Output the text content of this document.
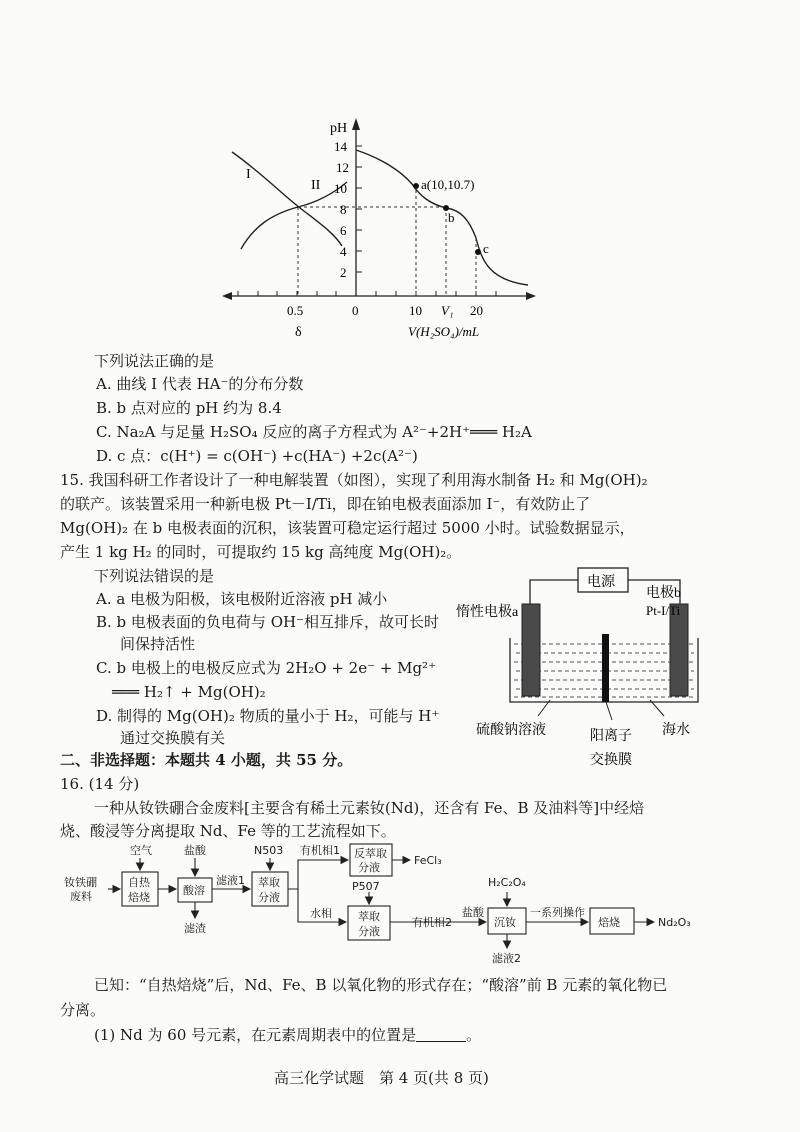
pH
14
12
10
8
6
4
2
I
II	a(10,10.7)
b
c
0.5	0	10 V₁ 20
δ	V(H₂SO₄)/mL
下列说法正确的是
A. 曲线 I 代表 HA⁻的分布分数
B. b 点对应的 pH 约为 8.4
C. Na₂A 与足量 H₂SO₄ 反应的离子方程式为 A²⁻+2H⁺═══ H₂A
D. c 点：c(H⁺) = c(OH⁻) +c(HA⁻) +2c(A²⁻)
15. 我国科研工作者设计了一种电解装置（如图），实现了利用海水制备 H₂ 和 Mg(OH)₂
的联产。该装置采用一种新电极 Pt－I/Ti，即在铂电极表面添加 I⁻，有效防止了
Mg(OH)₂ 在 b 电极表面的沉积，该装置可稳定运行超过 5000 小时。试验数据显示，
产生 1 kg H₂ 的同时，可提取约 15 kg 高纯度 Mg(OH)₂。
下列说法错误的是
A. a 电极为阳极，该电极附近溶液 pH 减小
B. b 电极表面的负电荷与 OH⁻相互排斥，故可长时
间保持活性
C. b 电极上的电极反应式为 2H₂O + 2e⁻ + Mg²⁺
═══ H₂↑ + Mg(OH)₂
D. 制得的 Mg(OH)₂ 物质的量小于 H₂，可能与 H⁺
通过交换膜有关
电源
电极b
Pt-I/Ti
惰性电极a
硫酸钠溶液	阳离子
交换膜
海水
二、非选择题：本题共 4 小题，共 55 分。
16. (14 分)
一种从钕铁硼合金废料[主要含有稀土元素钕(Nd)，还含有 Fe、B 及油料等]中经焙
烧、酸浸等分离提取 Nd、Fe 等的工艺流程如下。
钕铁硼
废料
空气	盐酸	N503
自热
焙烧
酸溶
滤液1
滤渣
萃取
分液
有机相1 反萃取
分液
FeCl₃
P507
水相 萃取
分液
有机相2
盐酸
H₂C₂O₄
沉钕
一系列操作
滤液2
焙烧	Nd₂O₃
已知：“自热焙烧”后，Nd、Fe、B 以氧化物的形式存在；“酸溶”前 B 元素的氧化物已
分离。
(1) Nd 为 60 号元素，在元素周期表中的位置是	。
高三化学试题　第 4 页(共 8 页)
